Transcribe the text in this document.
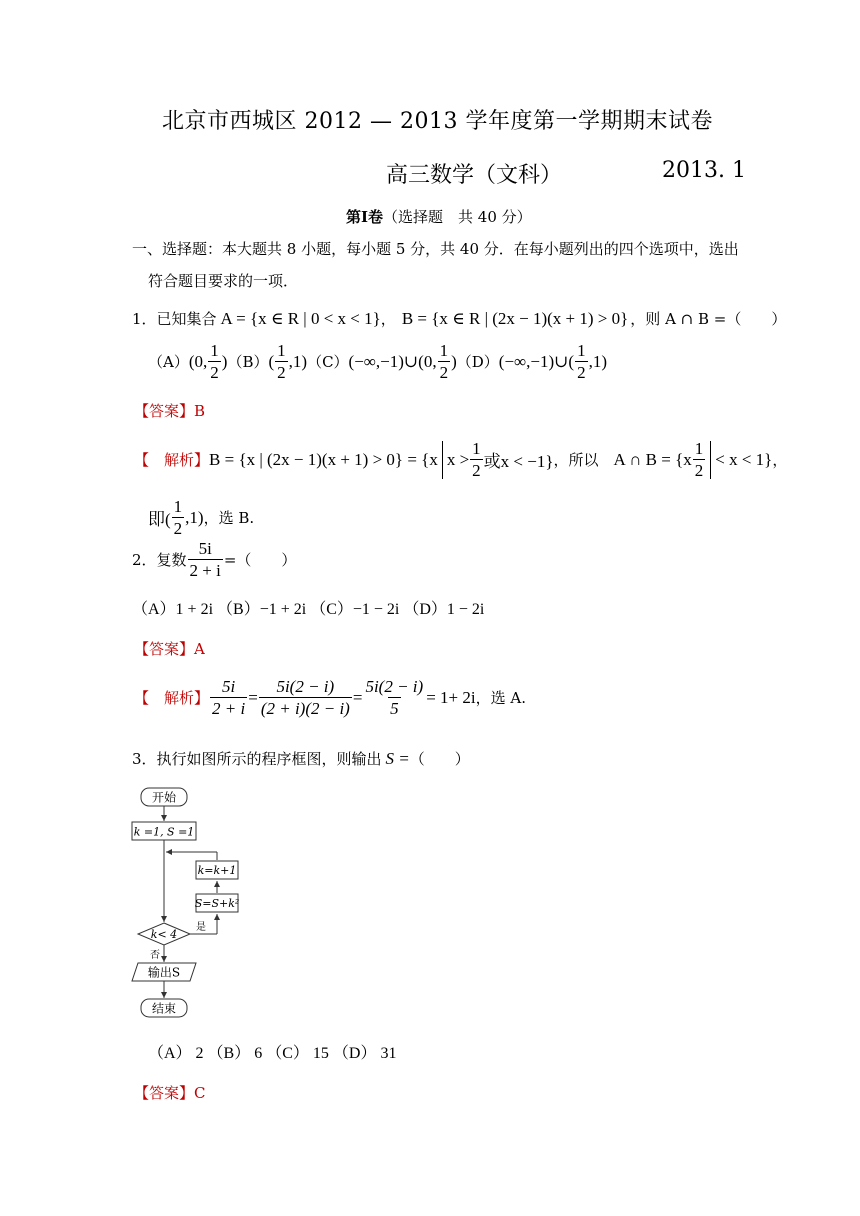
北京市西城区 2012 — 2013 学年度第一学期期末试卷
高三数学（文科）	2013. 1
第Ⅰ卷（选择题　共 40 分）
一、选择题：本大题共 8 小题，每小题 5 分，共 40 分．在每小题列出的四个选项中，选出
符合题目要求的一项．
1．已知集合 A = {x ∈ R | 0 < x < 1} ， B = {x ∈ R | (2x − 1)(x + 1) > 0} ，则 A ∩ B =（　　）
（A） (0, $\frac{1}{2}$ ) （B） ( $\frac{1}{2} ,1$) （C） (−∞,−1)∪(0, $\frac{1}{2}$ ) （D） (−∞,−1)∪( $\frac{1}{2} ,1$)
【答案】B
【　解析】 B = {x | (2x − 1)(x + 1) > 0} = {x $x > \frac{1}{2}$ 或x < −1} ，所以　 A ∩ $B = \{x \frac{1}{2} < x < 1\}$ ，
即( $\frac{1}{2} ,1$) ，选 B.
2．复数 $\frac{5i}{2 + i}$ =（　　）
（A）1 + 2i （B）−1 + 2i （C）−1 − 2i （D）1 − 2i
【答案】A
【　解析】 $\frac{5i}{2 + i} = \frac{5i(2 - i)}{(2 + i)(2 - i)} = \frac{5i(2 - i)}{5} = 1+ 2i$ ，选 A.
3．执行如图所示的程序框图，则输出 S = （　　）
开始
k =1, S =1
k=k+1
S=S+k²
是
k< 4
否
输出S
结束
（A） 2 （B） 6 （C） 15 （D） 31
【答案】C
